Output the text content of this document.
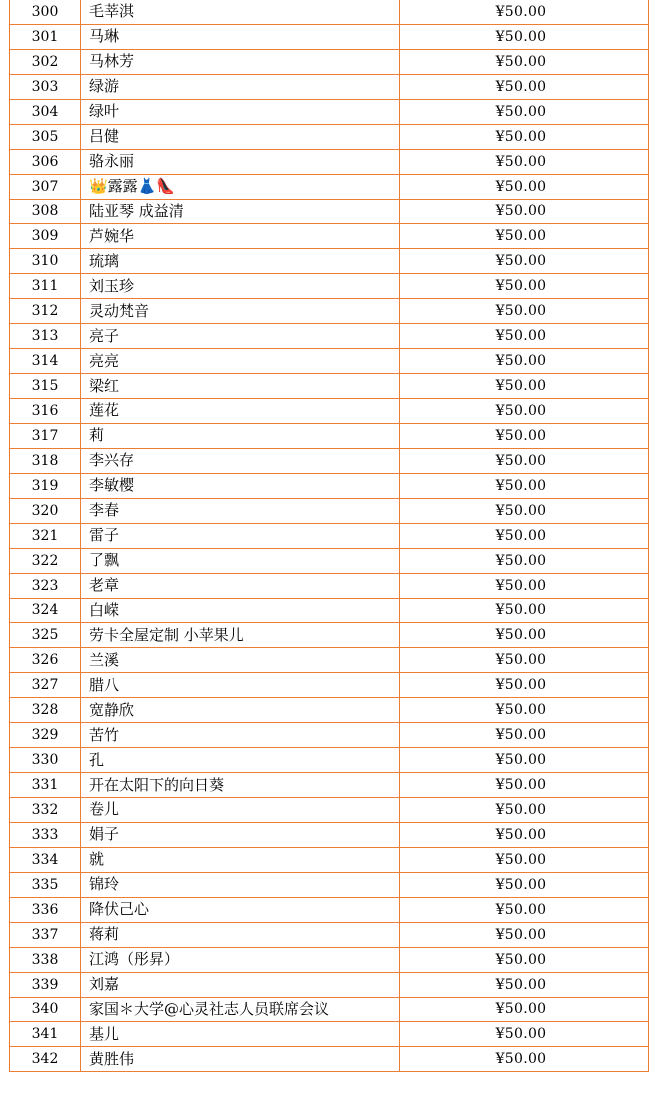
300	毛莘淇	¥50.00
301	马琳	¥50.00
302	马林芳	¥50.00
303	绿游	¥50.00
304	绿叶	¥50.00
305	吕健	¥50.00
306	骆永丽	¥50.00
307	👑露露👗👠	¥50.00
308	陆亚琴 成益清	¥50.00
309	芦婉华	¥50.00
310	琉璃	¥50.00
311	刘玉珍	¥50.00
312	灵动梵音	¥50.00
313	亮子	¥50.00
314	亮亮	¥50.00
315	梁红	¥50.00
316	莲花	¥50.00
317	莉	¥50.00
318	李兴存	¥50.00
319	李敏樱	¥50.00
320	李春	¥50.00
321	雷子	¥50.00
322	了飘	¥50.00
323	老章	¥50.00
324	白嵘	¥50.00
325	劳卡全屋定制 小苹果儿	¥50.00
326	兰溪	¥50.00
327	腊八	¥50.00
328	宽静欣	¥50.00
329	苦竹	¥50.00
330	孔	¥50.00
331	开在太阳下的向日葵	¥50.00
332	卷儿	¥50.00
333	娟子	¥50.00
334	就	¥50.00
335	锦玲	¥50.00
336	降伏己心	¥50.00
337	蒋莉	¥50.00
338	江鸿（彤昇）	¥50.00
339	刘嘉	¥50.00
340	家国＊大学@心灵社志人员联席会议	¥50.00
341	基儿	¥50.00
342	黄胜伟	¥50.00
